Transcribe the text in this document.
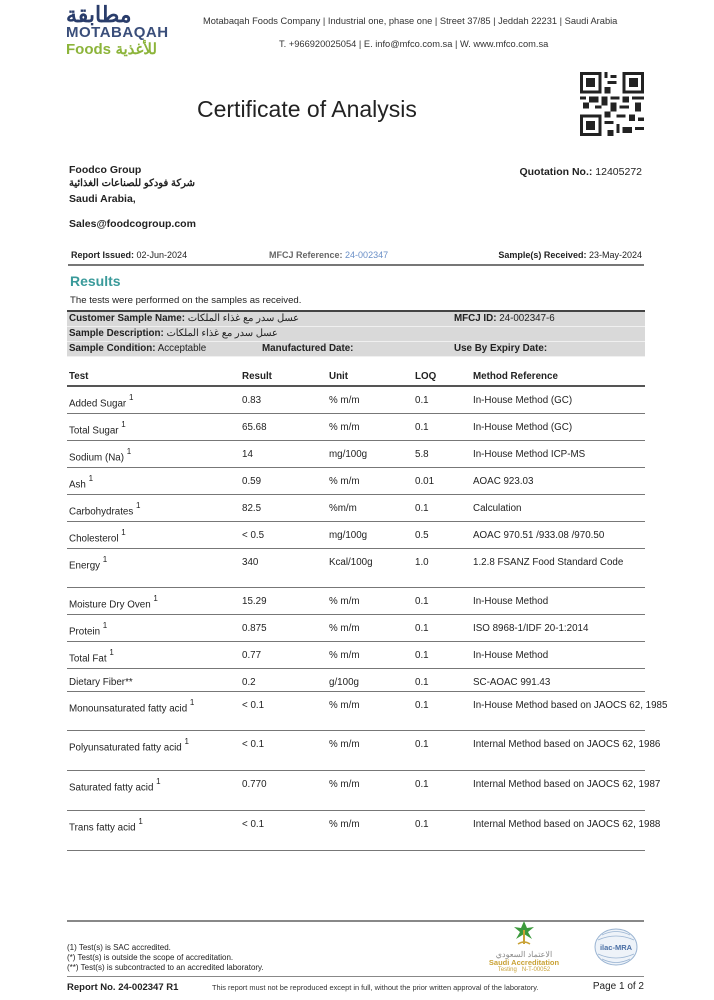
مطابقة
MOTABAQAH
Foods للأغذية
Motabaqah Foods Company | Industrial one, phase one | Street 37/85 | Jeddah 22231 | Saudi Arabia
T. +966920025054 | E. info@mfco.com.sa | W. www.mfco.com.sa
Certificate of Analysis
Foodco Group
شركة فودكو للصناعات الغذائية
Saudi Arabia,
Sales@foodcogroup.com
Quotation No.: 12405272
Report Issued: 02-Jun-2024	MFCJ Reference: 24-002347	Sample(s) Received: 23-May-2024
Results
The tests were performed on the samples as received.
Customer Sample Name: عسل سدر مع غذاء الملكات	MFCJ ID: 24-002347-6
Sample Description: عسل سدر مع غذاء الملكات
Sample Condition: Acceptable	Manufactured Date:	Use By Expiry Date:
Test	Result	Unit	LOQ	Method Reference
Added Sugar $^1$	0.83	% m/m	0.1	In-House Method (GC)
Total Sugar $^1$	65.68	% m/m	0.1	In-House Method (GC)
Sodium (Na) $^1$	14	mg/100g	5.8	In-House Method ICP-MS
Ash $^1$	0.59	% m/m	0.01	AOAC 923.03
Carbohydrates $^1$	82.5	%m/m	0.1	Calculation
Cholesterol $^1$	< 0.5	mg/100g	0.5	AOAC 970.51 /933.08 /970.50
Energy $^1$	340	Kcal/100g	1.0	1.2.8 FSANZ Food Standard Code
Moisture Dry Oven $^1$	15.29	% m/m	0.1	In-House Method
Protein $^1$	0.875	% m/m	0.1	ISO 8968-1/IDF 20-1:2014
Total Fat $^1$	0.77	% m/m	0.1	In-House Method
Dietary Fiber**	0.2	g/100g	0.1	SC-AOAC 991.43
Monounsaturated fatty acid $^1$	< 0.1	% m/m	0.1	In-House Method based on JAOCS 62, 1985
Polyunsaturated fatty acid $^1$	< 0.1	% m/m	0.1	Internal Method based on JAOCS 62, 1986
Saturated fatty acid $^1$	0.770	% m/m	0.1	Internal Method based on JAOCS 62, 1987
Trans fatty acid $^1$	< 0.1	% m/m	0.1	Internal Method based on JAOCS 62, 1988
(1) Test(s) is SAC accredited.
(*) Test(s) is outside the scope of accreditation.
(**) Test(s) is subcontracted to an accredited laboratory.
الاعتماد السعودي
Saudi Accreditation
Testing   N-T-00052
ilac-MRA
Report No. 24-002347 R1	This report must not be reproduced except in full, without the prior written approval of the laboratory.	Page 1 of 2
